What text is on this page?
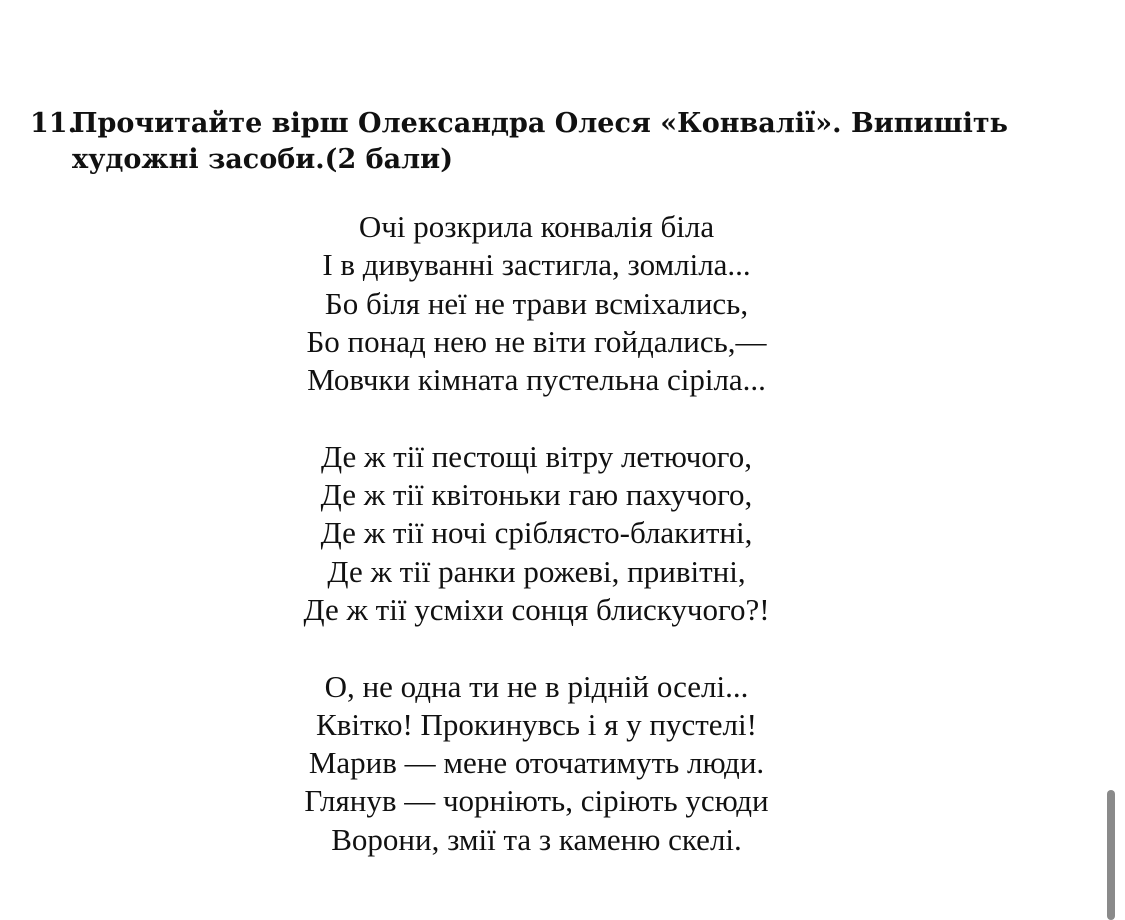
11.
Прочитайте вірш Олександра Олеся «Конвалії». Випишіть
художні засоби.(2 бали)
Очі розкрила конвалія біла
І в дивуванні застигла, зомліла...
Бо біля неї не трави всміхались,
Бо понад нею не віти гойдались,—
Мовчки кімната пустельна сіріла...
Де ж тії пестощі вітру летючого,
Де ж тії квітоньки гаю пахучого,
Де ж тії ночі сріблясто-блакитні,
Де ж тії ранки рожеві, привітні,
Де ж тії усміхи сонця блискучого?!
О, не одна ти не в рідній оселі...
Квітко! Прокинувсь і я у пустелі!
Марив — мене оточатимуть люди.
Глянув — чорніють, сіріють усюди
Ворони, змії та з каменю скелі.
